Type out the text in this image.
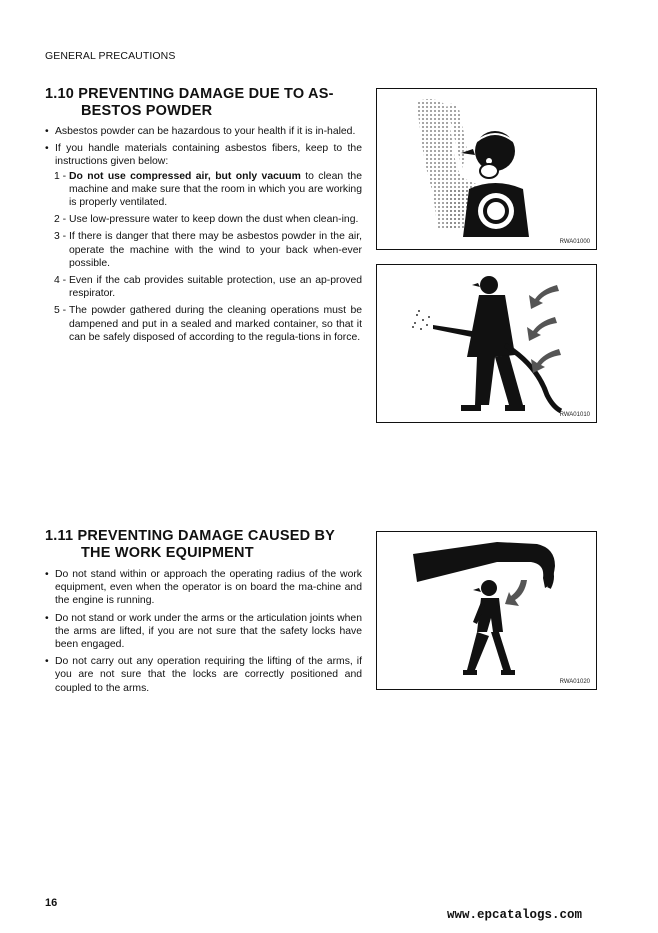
GENERAL PRECAUTIONS
1.10 PREVENTING DAMAGE DUE TO AS-
BESTOS POWDER
• Asbestos powder can be hazardous to your health if it is in-haled.
• If you handle materials containing asbestos fibers, keep to the instructions given below:
1 - Do not use compressed air, but only vacuum to clean the machine and make sure that the room in which you are working is properly ventilated.
2 - Use low-pressure water to keep down the dust when clean-ing.
3 - If there is danger that there may be asbestos powder in the air, operate the machine with the wind to your back when-ever possible.
4 - Even if the cab provides suitable protection, use an ap-proved respirator.
5 - The powder gathered during the cleaning operations must be dampened and put in a sealed and marked container, so that it can be safely disposed of according to the regula-tions in force.
RWA01000
RWA01010
1.11 PREVENTING DAMAGE CAUSED BY
THE WORK EQUIPMENT
• Do not stand within or approach the operating radius of the work equipment, even when the operator is on board the ma-chine and the engine is running.
• Do not stand or work under the arms or the articulation joints when the arms are lifted, if you are not sure that the safety locks have been engaged.
• Do not carry out any operation requiring the lifting of the arms, if you are not sure that the locks are correctly positioned and coupled to the arms.
RWA01020
16
www.epcatalogs.com
